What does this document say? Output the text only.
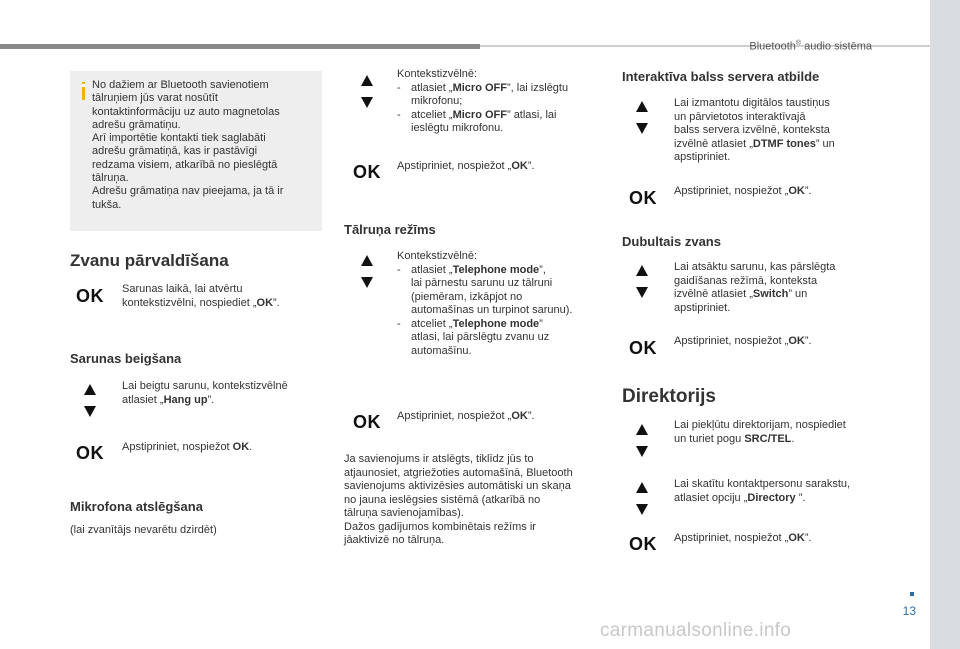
Bluetooth® audio sistēma
13
No dažiem ar Bluetooth savienotiem
tālruņiem jūs varat nosūtīt
kontaktinformāciju uz auto magnetolas
adrešu grāmatiņu.
Arī importētie kontakti tiek saglabāti
adrešu grāmatiņā, kas ir pastāvīgi
redzama visiem, atkarībā no pieslēgtā
tālruņa.
Adrešu grāmatiņa nav pieejama, ja tā ir
tukša.
Zvanu pārvaldīšana
OK Sarunas laikā, lai atvērtu
kontekstizvēlni, nospiediet „OK”.
Sarunas beigšana
Lai beigtu sarunu, kontekstizvēlnē
atlasiet „Hang up”.
OK Apstipriniet, nospiežot OK.
Mikrofona atslēgšana
(lai zvanītājs nevarētu dzirdēt)
Kontekstizvēlnē:
- atlasiet „Micro OFF”, lai izslēgtu
mikrofonu;
- atceliet „Micro OFF” atlasi, lai
ieslēgtu mikrofonu.
OK Apstipriniet, nospiežot „OK”.
Tālruņa režīms
Kontekstizvēlnē:
- atlasiet „Telephone mode”,
lai pārnestu sarunu uz tālruni
(piemēram, izkāpjot no
automašīnas un turpinot sarunu).
- atceliet „Telephone mode”
atlasi, lai pārslēgtu zvanu uz
automašīnu.
OK Apstipriniet, nospiežot „OK”.
Ja savienojums ir atslēgts, tiklīdz jūs to
atjaunosiet, atgriežoties automašīnā, Bluetooth
savienojums aktivizēsies automātiski un skaņa
no jauna ieslēgsies sistēmā (atkarībā no
tālruņa savienojamības).
Dažos gadījumos kombinētais režīms ir
jāaktivizē no tālruņa.
Interaktīva balss servera atbilde
Lai izmantotu digitālos taustiņus
un pārvietotos interaktīvajā
balss servera izvēlnē, konteksta
izvēlnē atlasiet „DTMF tones” un
apstipriniet.
OK Apstipriniet, nospiežot „OK”.
Dubultais zvans
Lai atsāktu sarunu, kas pārslēgta
gaidīšanas režīmā, konteksta
izvēlnē atlasiet „Switch” un
apstipriniet.
OK Apstipriniet, nospiežot „OK”.
Direktorijs
Lai piekļūtu direktorijam, nospiediet
un turiet pogu SRC/TEL.
Lai skatītu kontaktpersonu sarakstu,
atlasiet opciju „Directory ”.
OK Apstipriniet, nospiežot „OK”.
carmanualsonline.info
